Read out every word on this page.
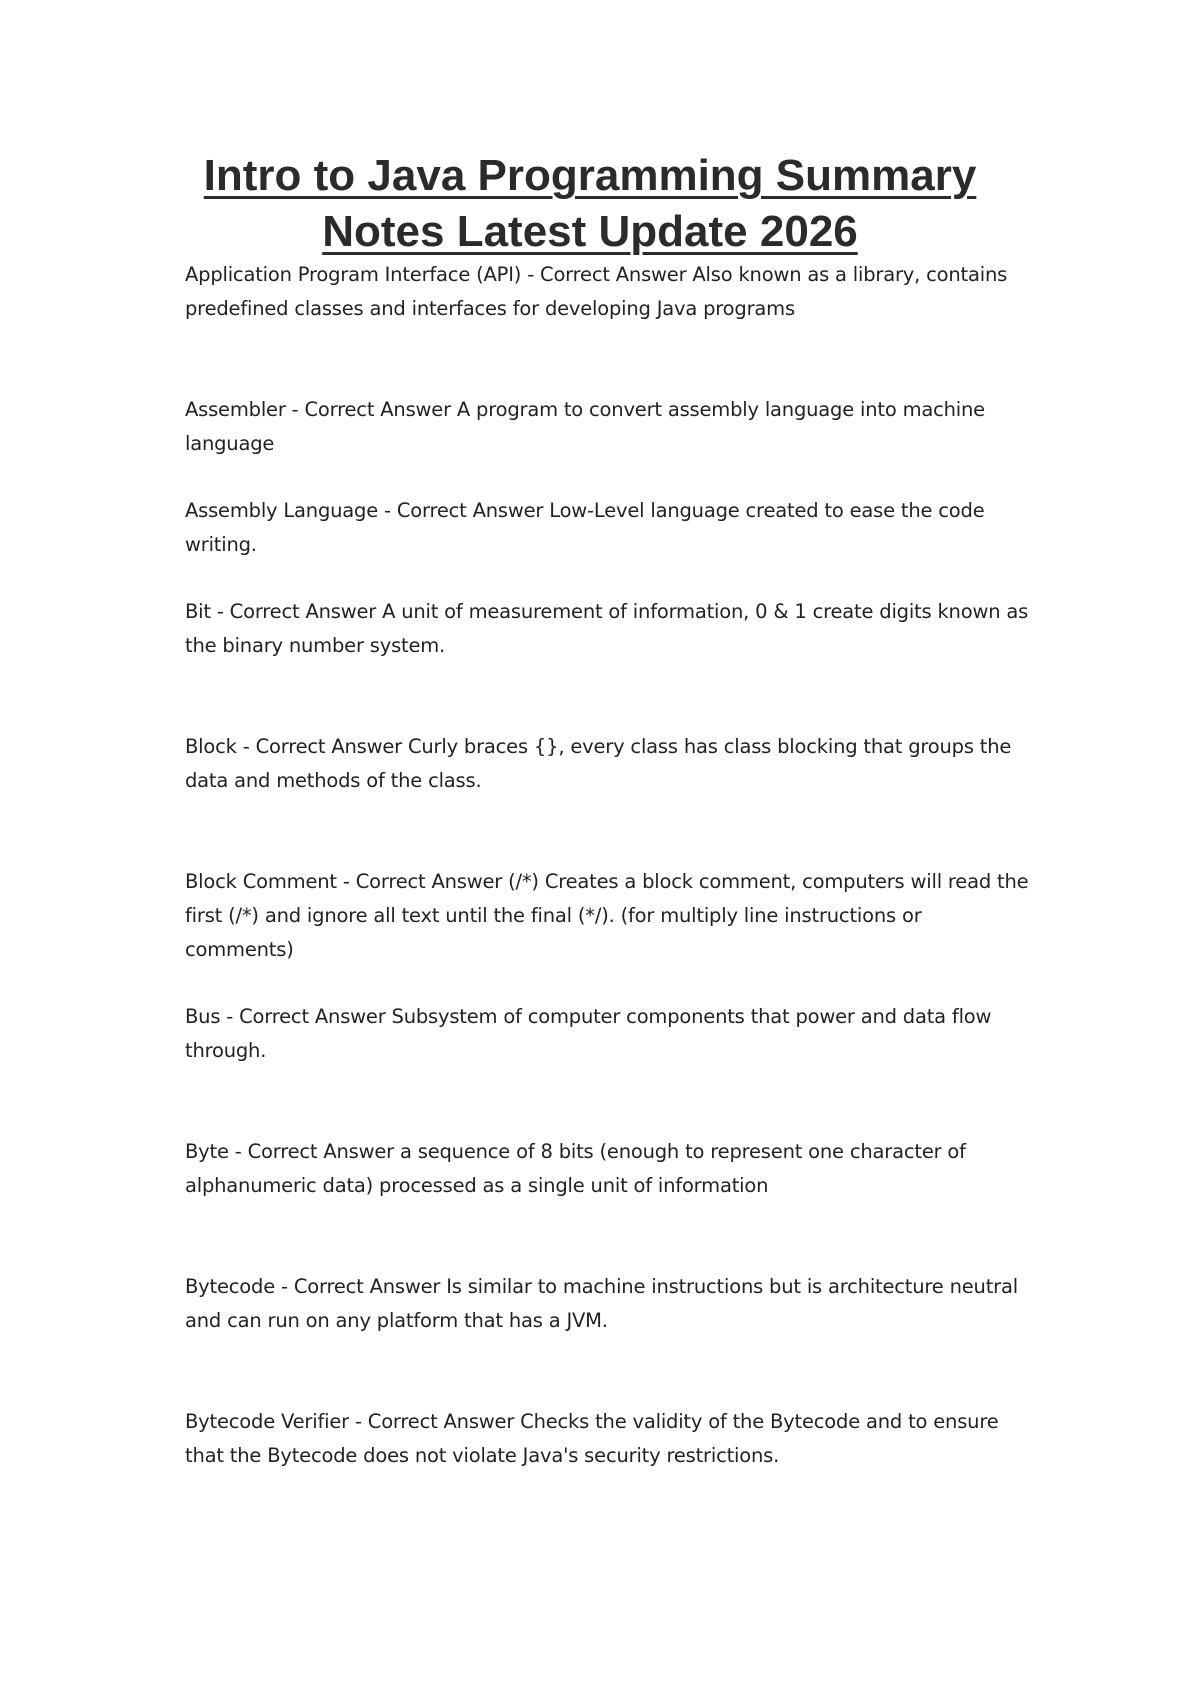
Intro to Java Programming Summary
Notes Latest Update 2026
Application Program Interface (API) - Correct Answer Also known as a library, contains predefined classes and interfaces for developing Java programs
Assembler - Correct Answer A program to convert assembly language into machine language
Assembly Language - Correct Answer Low-Level language created to ease the code writing.
Bit - Correct Answer A unit of measurement of information, 0 & 1 create digits known as the binary number system.
Block - Correct Answer Curly braces {}, every class has class blocking that groups the data and methods of the class.
Block Comment - Correct Answer (/*) Creates a block comment, computers will read the first (/*) and ignore all text until the final (*/). (for multiply line instructions or comments)
Bus - Correct Answer Subsystem of computer components that power and data flow through.
Byte - Correct Answer a sequence of 8 bits (enough to represent one character of alphanumeric data) processed as a single unit of information
Bytecode - Correct Answer Is similar to machine instructions but is architecture neutral and can run on any platform that has a JVM.
Bytecode Verifier - Correct Answer Checks the validity of the Bytecode and to ensure that the Bytecode does not violate Java's security restrictions.
